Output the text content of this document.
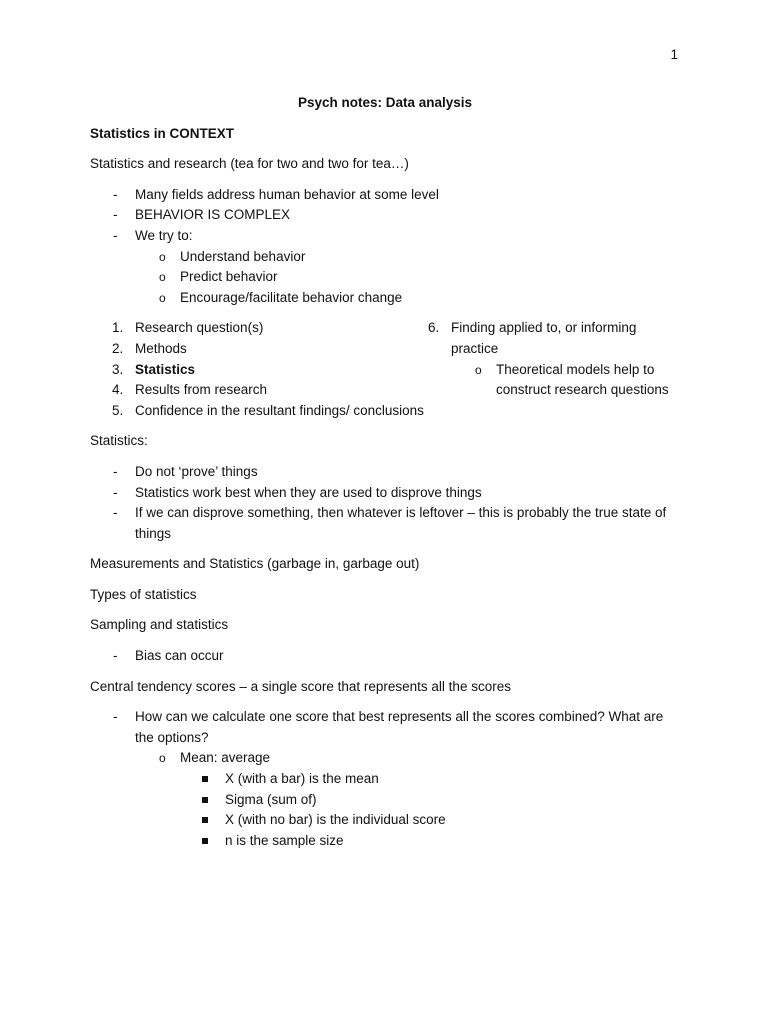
1
Psych notes: Data analysis
Statistics in CONTEXT
Statistics and research (tea for two and two for tea…)
- Many fields address human behavior at some level
- BEHAVIOR IS COMPLEX
- We try to:
o Understand behavior
o Predict behavior
o Encourage/facilitate behavior change
1. Research question(s)
2. Methods
3. Statistics
4. Results from research
5. Confidence in the resultant findings/ conclusions
6. Finding applied to, or informing practice
o Theoretical models help to construct research questions
Statistics:
- Do not ‘prove’ things
- Statistics work best when they are used to disprove things
- If we can disprove something, then whatever is leftover – this is probably the true state of things
Measurements and Statistics (garbage in, garbage out)
Types of statistics
Sampling and statistics
- Bias can occur
Central tendency scores – a single score that represents all the scores
- How can we calculate one score that best represents all the scores combined? What are the options?
o Mean: average
X (with a bar) is the mean
Sigma (sum of)
X (with no bar) is the individual score
n is the sample size
